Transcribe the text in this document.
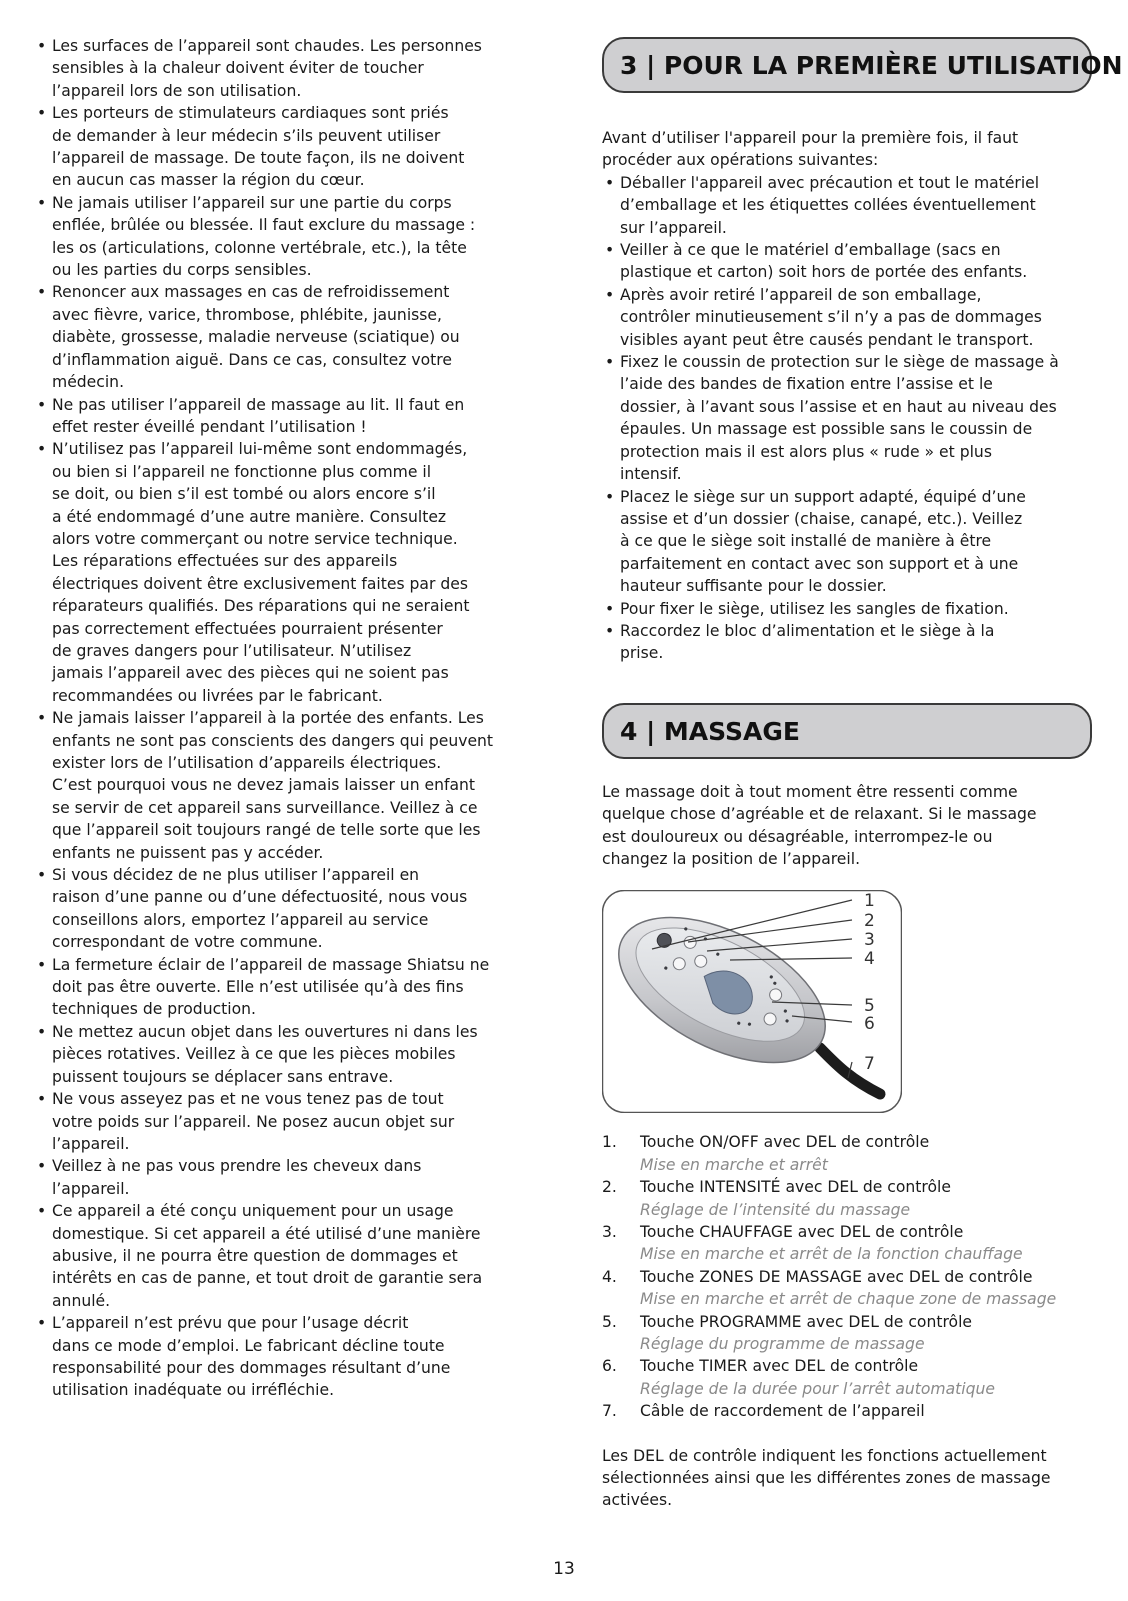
• Les surfaces de l’appareil sont chaudes. Les personnes
sensibles à la chaleur doivent éviter de toucher
l’appareil lors de son utilisation.
• Les porteurs de stimulateurs cardiaques sont priés
de demander à leur médecin s’ils peuvent utiliser
l’appareil de massage. De toute façon, ils ne doivent
en aucun cas masser la région du cœur.
• Ne jamais utiliser l’appareil sur une partie du corps
enflée, brûlée ou blessée. Il faut exclure du massage :
les os (articulations, colonne vertébrale, etc.), la tête
ou les parties du corps sensibles.
• Renoncer aux massages en cas de refroidissement
avec fièvre, varice, thrombose, phlébite, jaunisse,
diabète, grossesse, maladie nerveuse (sciatique) ou
d’inflammation aiguë. Dans ce cas, consultez votre
médecin.
• Ne pas utiliser l’appareil de massage au lit. Il faut en
effet rester éveillé pendant l’utilisation !
• N’utilisez pas l’appareil lui-même sont endommagés,
ou bien si l’appareil ne fonctionne plus comme il
se doit, ou bien s’il est tombé ou alors encore s’il
a été endommagé d’une autre manière. Consultez
alors votre commerçant ou notre service technique.
Les réparations effectuées sur des appareils
électriques doivent être exclusivement faites par des
réparateurs qualifiés. Des réparations qui ne seraient
pas correctement effectuées pourraient présenter
de graves dangers pour l’utilisateur. N’utilisez
jamais l’appareil avec des pièces qui ne soient pas
recommandées ou livrées par le fabricant.
• Ne jamais laisser l’appareil à la portée des enfants. Les
enfants ne sont pas conscients des dangers qui peuvent
exister lors de l’utilisation d’appareils électriques.
C’est pourquoi vous ne devez jamais laisser un enfant
se servir de cet appareil sans surveillance. Veillez à ce
que l’appareil soit toujours rangé de telle sorte que les
enfants ne puissent pas y accéder.
• Si vous décidez de ne plus utiliser l’appareil en
raison d’une panne ou d’une défectuosité, nous vous
conseillons alors, emportez l’appareil au service
correspondant de votre commune.
• La fermeture éclair de l’appareil de massage Shiatsu ne
doit pas être ouverte. Elle n’est utilisée qu’à des fins
techniques de production.
• Ne mettez aucun objet dans les ouvertures ni dans les
pièces rotatives. Veillez à ce que les pièces mobiles
puissent toujours se déplacer sans entrave.
• Ne vous asseyez pas et ne vous tenez pas de tout
votre poids sur l’appareil. Ne posez aucun objet sur
l’appareil.
• Veillez à ne pas vous prendre les cheveux dans
l’appareil.
• Ce appareil a été conçu uniquement pour un usage
domestique. Si cet appareil a été utilisé d’une manière
abusive, il ne pourra être question de dommages et
intérêts en cas de panne, et tout droit de garantie sera
annulé.
• L’appareil n’est prévu que pour l’usage décrit
dans ce mode d’emploi. Le fabricant décline toute
responsabilité pour des dommages résultant d’une
utilisation inadéquate ou irréfléchie.
3 | POUR LA PREMIÈRE UTILISATION

Avant d’utiliser l'appareil pour la première fois, il faut
procéder aux opérations suivantes:

• Déballer l'appareil avec précaution et tout le matériel
d’emballage et les étiquettes collées éventuellement
sur l’appareil.
• Veiller à ce que le matériel d’emballage (sacs en
plastique et carton) soit hors de portée des enfants.
• Après avoir retiré l’appareil de son emballage,
contrôler minutieusement s’il n’y a pas de dommages
visibles ayant peut être causés pendant le transport.
• Fixez le coussin de protection sur le siège de massage à
l’aide des bandes de fixation entre l’assise et le
dossier, à l’avant sous l’assise et en haut au niveau des
épaules. Un massage est possible sans le coussin de
protection mais il est alors plus « rude » et plus
intensif.
• Placez le siège sur un support adapté, équipé d’une
assise et d’un dossier (chaise, canapé, etc.). Veillez
à ce que le siège soit installé de manière à être
parfaitement en contact avec son support et à une
hauteur suffisante pour le dossier.
• Pour fixer le siège, utilisez les sangles de fixation.
• Raccordez le bloc d’alimentation et le siège à la
prise.
4 | MASSAGE

Le massage doit à tout moment être ressenti comme
quelque chose d’agréable et de relaxant. Si le massage
est douloureux ou désagréable, interrompez-le ou
changez la position de l’appareil.

1
2
3
4
5
6
7
1. Touche ON/OFF avec DEL de contrôle
Mise en marche et arrêt
2. Touche INTENSITÉ avec DEL de contrôle
Réglage de l’intensité du massage
3. Touche CHAUFFAGE avec DEL de contrôle
Mise en marche et arrêt de la fonction chauffage
4. Touche ZONES DE MASSAGE avec DEL de contrôle
Mise en marche et arrêt de chaque zone de massage
5. Touche PROGRAMME avec DEL de contrôle
Réglage du programme de massage
6. Touche TIMER avec DEL de contrôle
Réglage de la durée pour l’arrêt automatique
7. Câble de raccordement de l’appareil

Les DEL de contrôle indiquent les fonctions actuellement
sélectionnées ainsi que les différentes zones de massage
activées.

13
